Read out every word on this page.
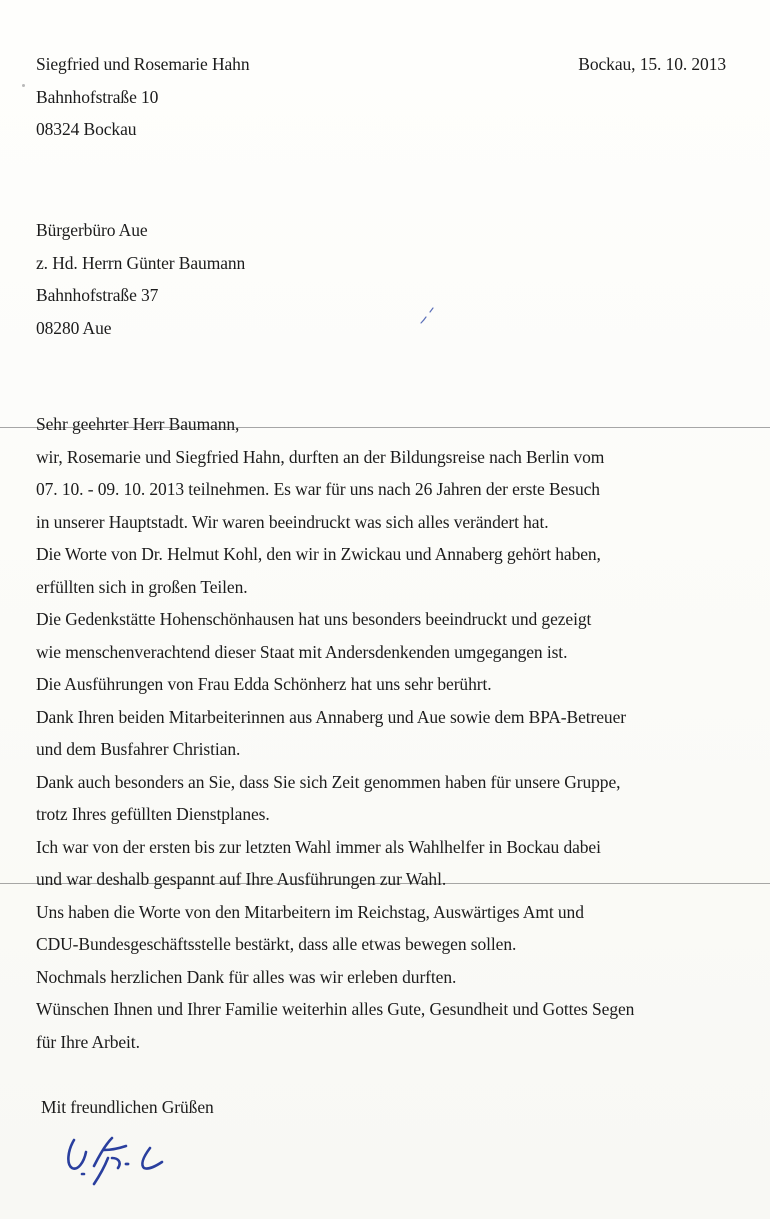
Siegfried und Rosemarie Hahn
Bahnhofstraße 10
08324 Bockau
Bockau, 15. 10. 2013
Bürgerbüro Aue
z. Hd. Herrn Günter Baumann
Bahnhofstraße 37
08280 Aue
Sehr geehrter Herr Baumann,
wir, Rosemarie und Siegfried Hahn, durften an der Bildungsreise nach Berlin vom
07. 10. - 09. 10. 2013 teilnehmen. Es war für uns nach 26 Jahren der erste Besuch
in unserer Hauptstadt. Wir waren beeindruckt was sich alles verändert hat.
Die Worte von Dr. Helmut Kohl, den wir in Zwickau und Annaberg gehört haben,
erfüllten sich in großen Teilen.
Die Gedenkstätte Hohenschönhausen hat uns besonders beeindruckt und gezeigt
wie menschenverachtend dieser Staat mit Andersdenkenden umgegangen ist.
Die Ausführungen von Frau Edda Schönherz hat uns sehr berührt.
Dank Ihren beiden Mitarbeiterinnen aus Annaberg und Aue sowie dem BPA-Betreuer
und dem Busfahrer Christian.
Dank auch besonders an Sie, dass Sie sich Zeit genommen haben für unsere Gruppe,
trotz Ihres gefüllten Dienstplanes.
Ich war von der ersten bis zur letzten Wahl immer als Wahlhelfer in Bockau dabei
und war deshalb gespannt auf Ihre Ausführungen zur Wahl.
Uns haben die Worte von den Mitarbeitern im Reichstag, Auswärtiges Amt und
CDU-Bundesgeschäftsstelle bestärkt, dass alle etwas bewegen sollen.
Nochmals herzlichen Dank für alles was wir erleben durften.
Wünschen Ihnen und Ihrer Familie weiterhin alles Gute, Gesundheit und Gottes Segen
für Ihre Arbeit.
Mit freundlichen Grüßen
